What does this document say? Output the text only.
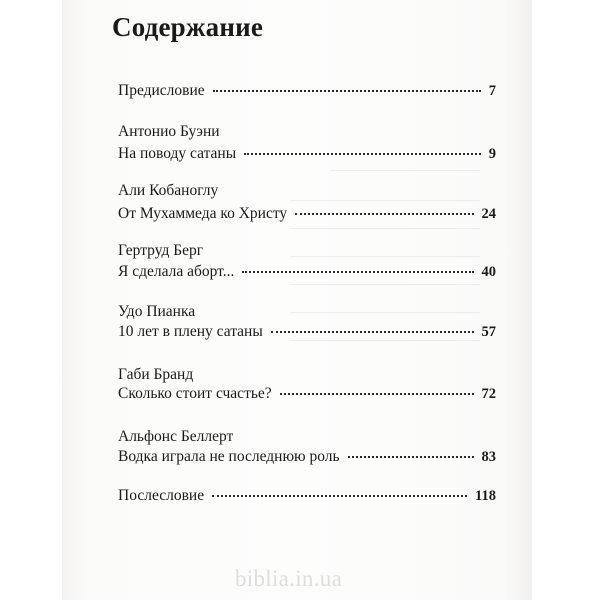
Содержание
Предисловие	7
Антонио Буэни
На поводу сатаны	9
Али Кобаноглу
От Мухаммеда ко Христу	24
Гертруд Берг
Я сделала аборт...	40
Удо Пианка
10 лет в плену сатаны	57
Габи Бранд
Сколько стоит счастье?	72
Альфонс Беллерт
Водка играла не последнюю роль	83
Послесловие	118
biblia.in.ua
